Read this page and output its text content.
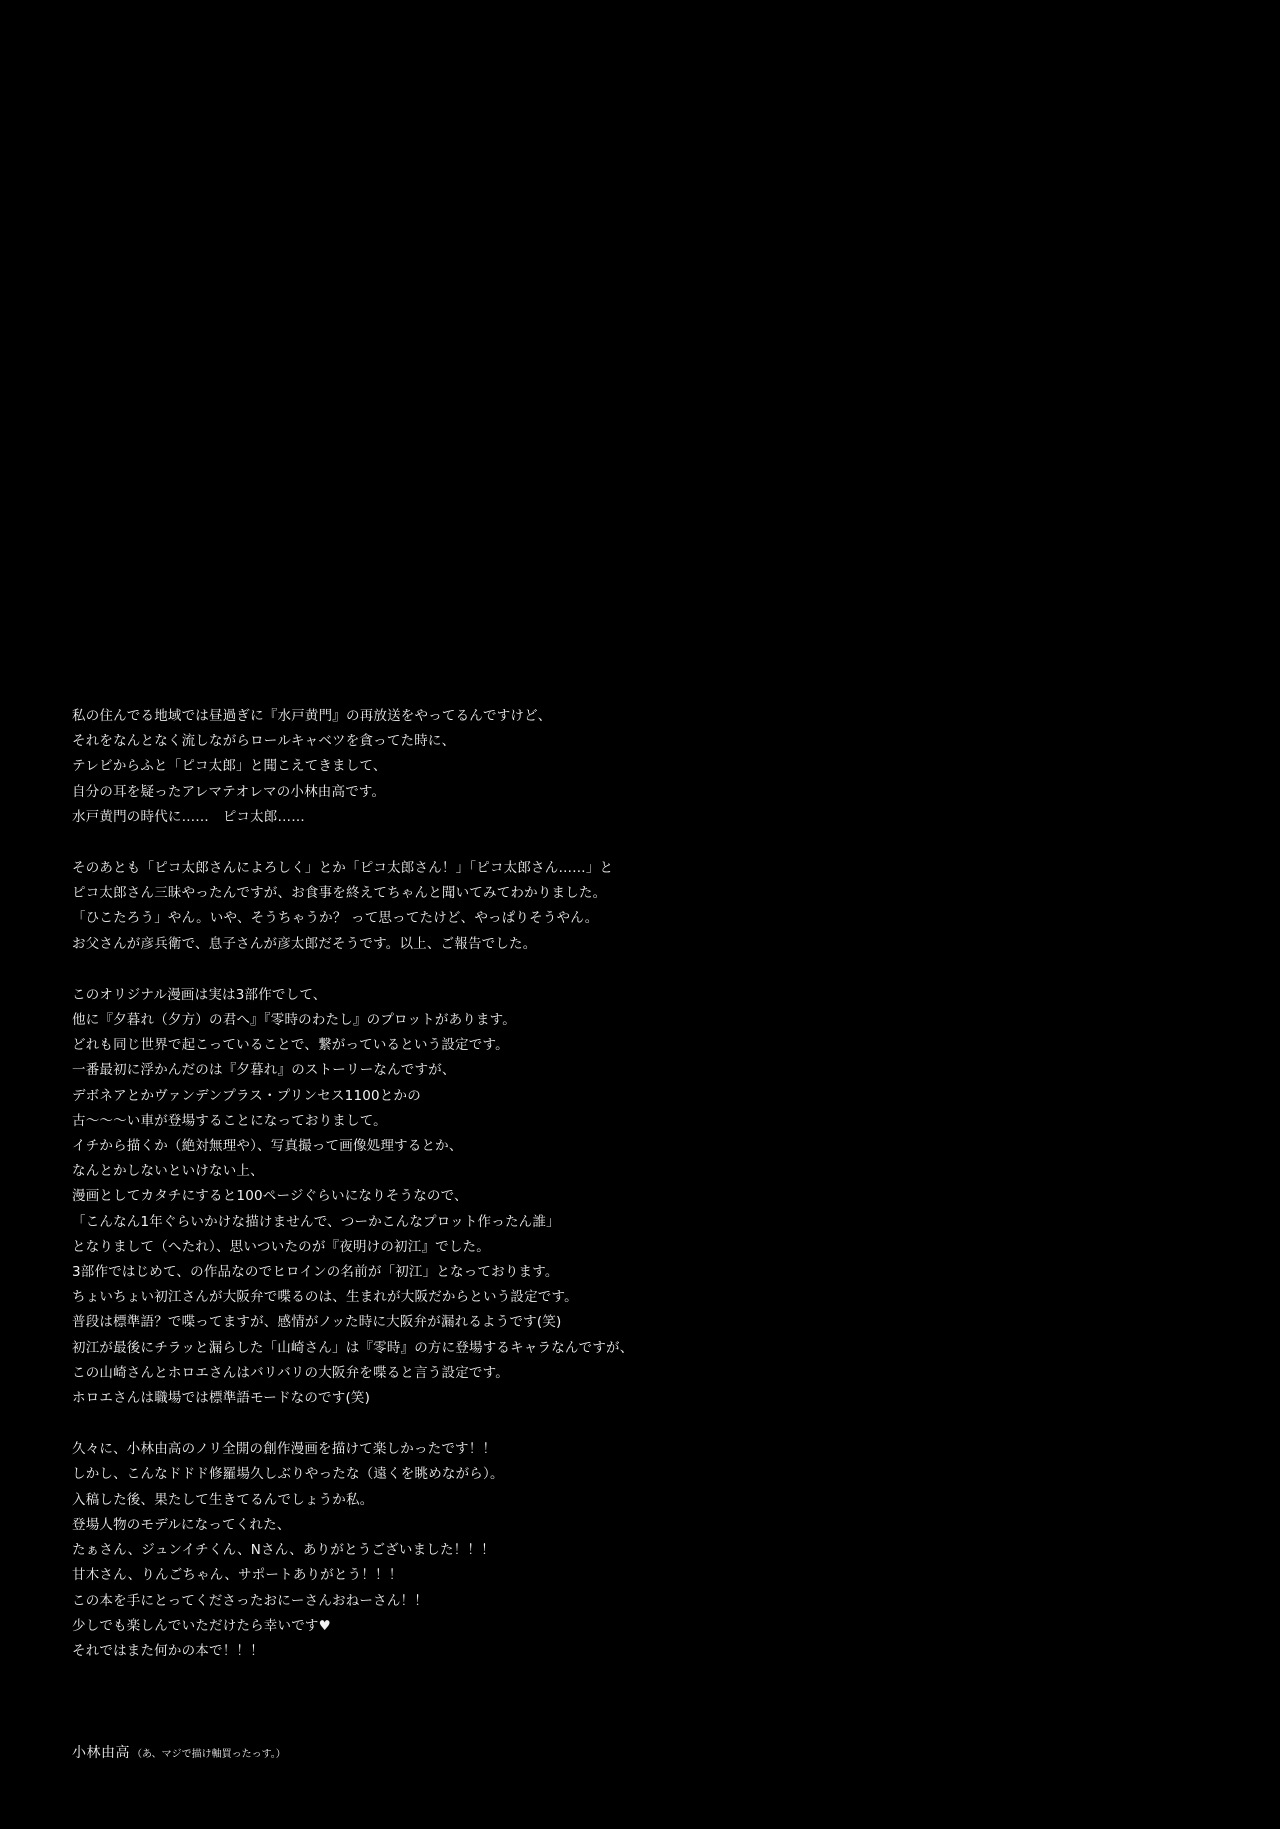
私の住んでる地域では昼過ぎに『水戸黄門』の再放送をやってるんですけど、
それをなんとなく流しながらロールキャベツを貪ってた時に、
テレビからふと「ピコ太郎」と聞こえてきまして、
自分の耳を疑ったアレマテオレマの小林由高です。
水戸黄門の時代に……　ピコ太郎……
そのあとも「ピコ太郎さんによろしく」とか「ピコ太郎さん！」「ピコ太郎さん……」と
ピコ太郎さん三昧やったんですが、お食事を終えてちゃんと聞いてみてわかりました。
「ひこたろう」やん。いや、そうちゃうか？ って思ってたけど、やっぱりそうやん。
お父さんが彦兵衛で、息子さんが彦太郎だそうです。以上、ご報告でした。
このオリジナル漫画は実は3部作でして、
他に『夕暮れ（夕方）の君へ』『零時のわたし』のプロットがあります。
どれも同じ世界で起こっていることで、繋がっているという設定です。
一番最初に浮かんだのは『夕暮れ』のストーリーなんですが、
デボネアとかヴァンデンプラス・プリンセス1100とかの
古〜〜〜い車が登場することになっておりまして。
イチから描くか（絶対無理や）、写真撮って画像処理するとか、
なんとかしないといけない上、
漫画としてカタチにすると100ページぐらいになりそうなので、
「こんなん1年ぐらいかけな描けませんで、つーかこんなプロット作ったん誰」
となりまして（へたれ）、思いついたのが『夜明けの初江』でした。
3部作ではじめて、の作品なのでヒロインの名前が「初江」となっております。
ちょいちょい初江さんが大阪弁で喋るのは、生まれが大阪だからという設定です。
普段は標準語？で喋ってますが、感情がノッた時に大阪弁が漏れるようです(笑)
初江が最後にチラッと漏らした「山崎さん」は『零時』の方に登場するキャラなんですが、
この山崎さんとホロエさんはバリバリの大阪弁を喋ると言う設定です。
ホロエさんは職場では標準語モードなのです(笑)
久々に、小林由高のノリ全開の創作漫画を描けて楽しかったです！！
しかし、こんなドドド修羅場久しぶりやったな（遠くを眺めながら）。
入稿した後、果たして生きてるんでしょうか私。
登場人物のモデルになってくれた、
たぁさん、ジュンイチくん、Nさん、ありがとうございました！！！
甘木さん、りんごちゃん、サポートありがとう！！！
この本を手にとってくださったおにーさんおねーさん！！
少しでも楽しんでいただけたら幸いです♥
それではまた何かの本で！！！
小林由高 （あ、マジで描け軸買ったっす。）
